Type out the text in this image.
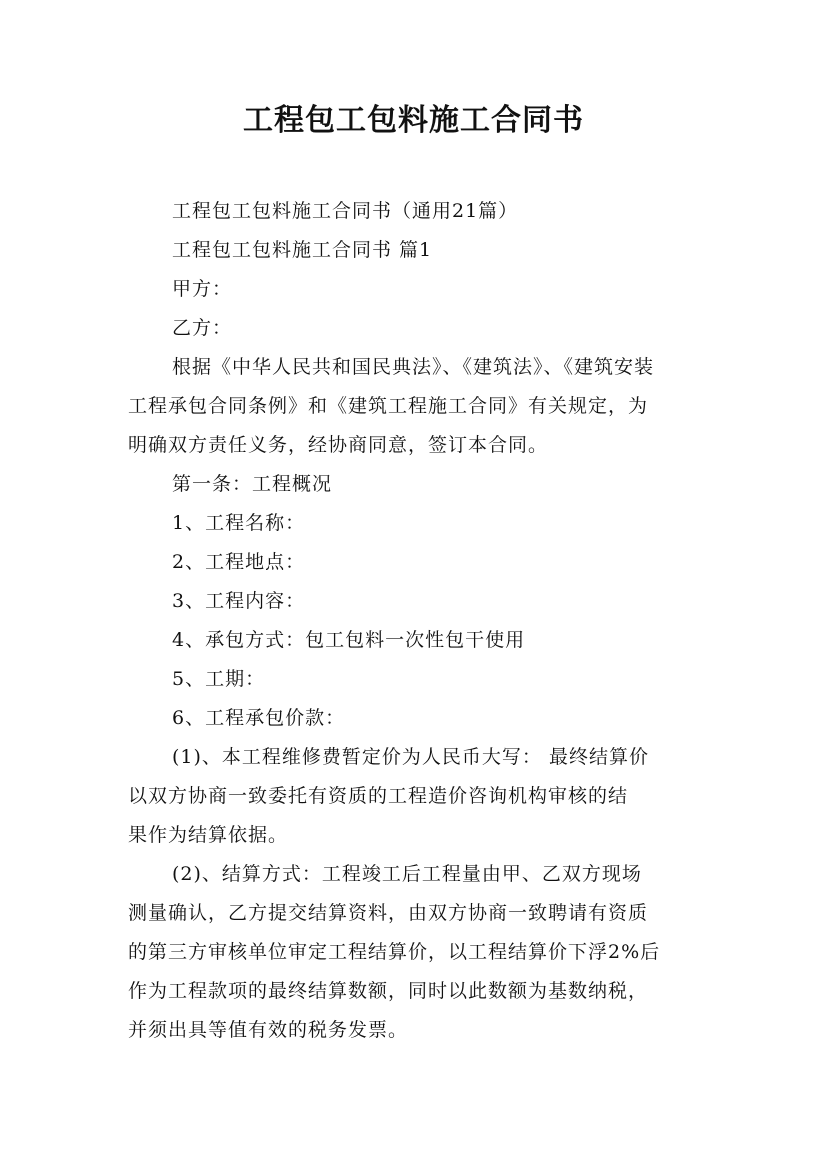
工程包工包料施工合同书

工程包工包料施工合同书（通用21篇）

工程包工包料施工合同书 篇1

甲方：

乙方：

根据《中华人民共和国民典法》、《建筑法》、《建筑安装
工程承包合同条例》和《建筑工程施工合同》有关规定，为
明确双方责任义务，经协商同意，签订本合同。

第一条：工程概况

1、工程名称：

2、工程地点：

3、工程内容：

4、承包方式：包工包料一次性包干使用

5、工期：

6、工程承包价款：

(1)、本工程维修费暂定价为人民币大写： 最终结算价
以双方协商一致委托有资质的工程造价咨询机构审核的结
果作为结算依据。

(2)、结算方式：工程竣工后工程量由甲、乙双方现场
测量确认，乙方提交结算资料，由双方协商一致聘请有资质
的第三方审核单位审定工程结算价，以工程结算价下浮2%后
作为工程款项的最终结算数额，同时以此数额为基数纳税，
并须出具等值有效的税务发票。
